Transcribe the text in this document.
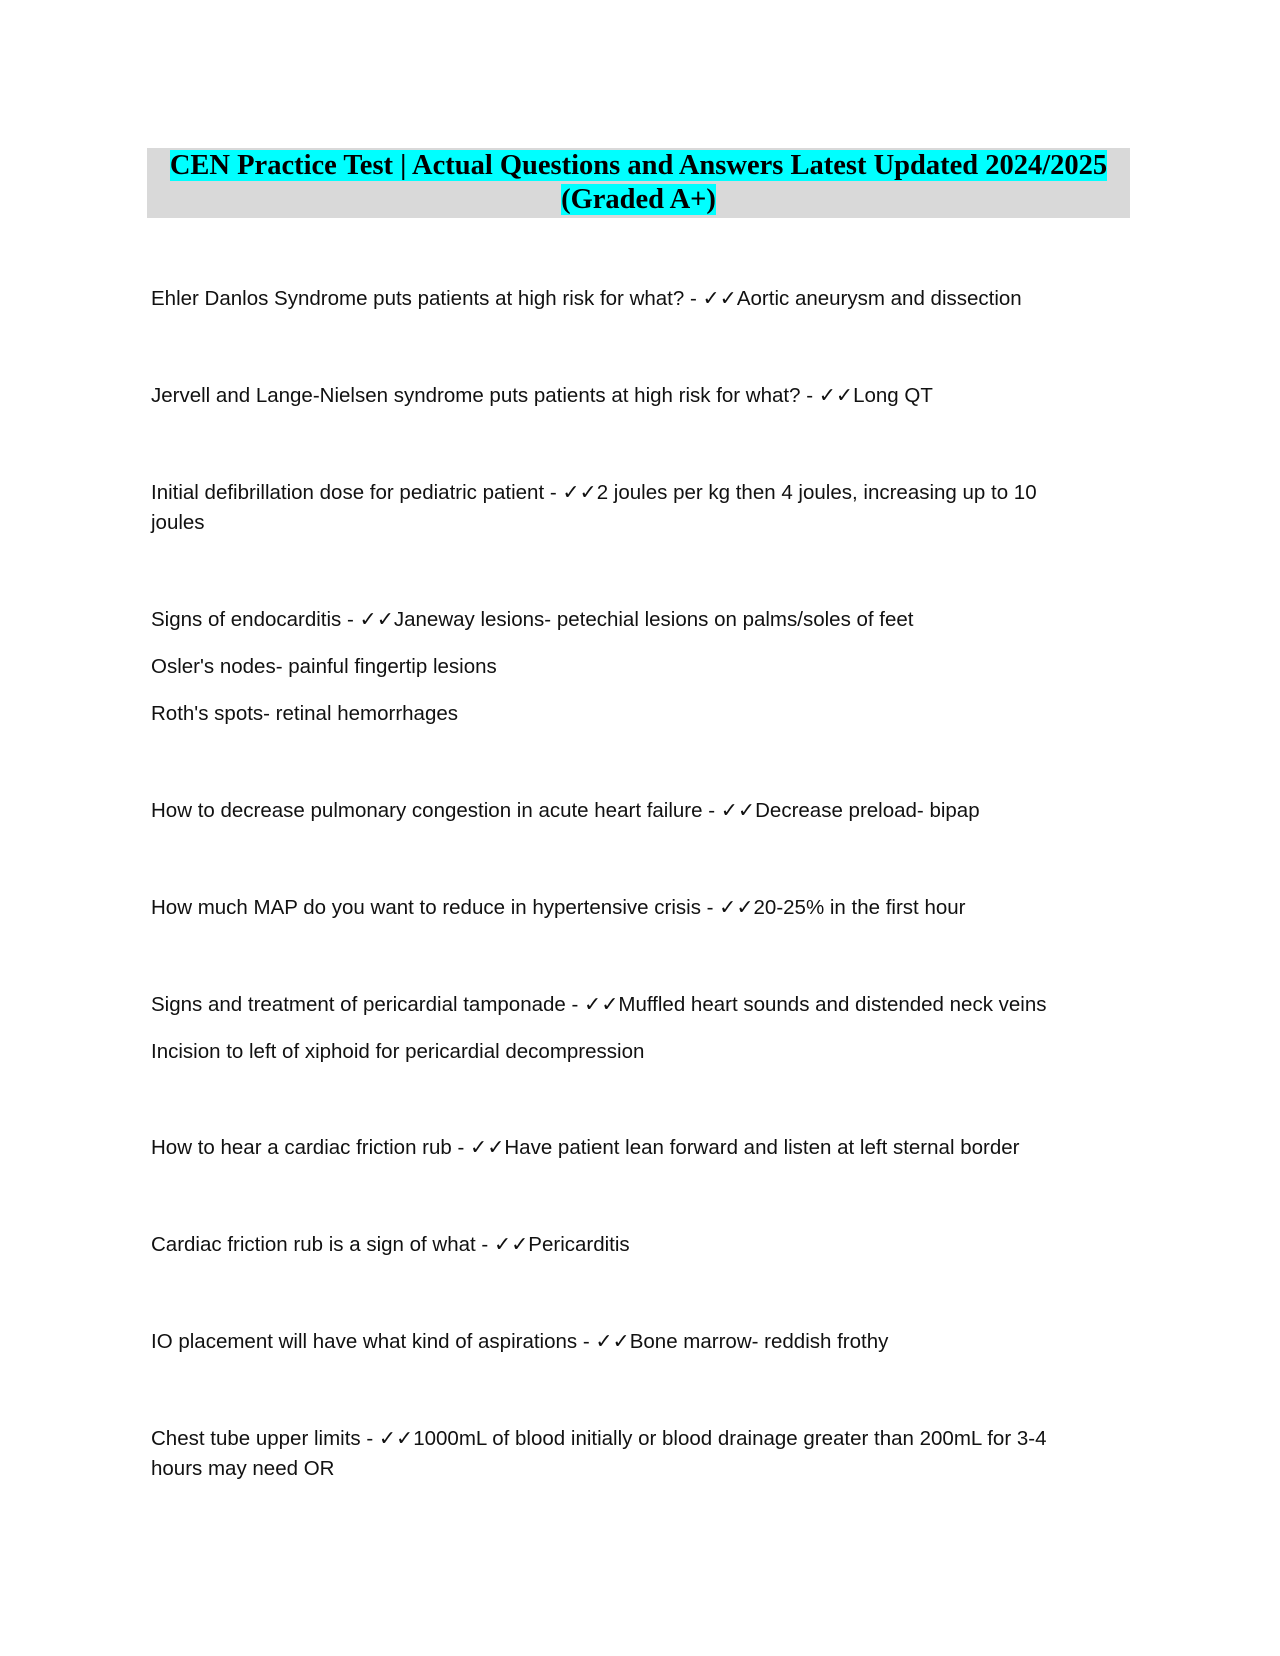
CEN Practice Test | Actual Questions and Answers Latest Updated 2024/2025
(Graded A+)

Ehler Danlos Syndrome puts patients at high risk for what? - ✓✓Aortic aneurysm and dissection

Jervell and Lange-Nielsen syndrome puts patients at high risk for what? - ✓✓Long QT

Initial defibrillation dose for pediatric patient - ✓✓2 joules per kg then 4 joules, increasing up to 10 joules

Signs of endocarditis - ✓✓Janeway lesions- petechial lesions on palms/soles of feet

Osler's nodes- painful fingertip lesions

Roth's spots- retinal hemorrhages

How to decrease pulmonary congestion in acute heart failure - ✓✓Decrease preload- bipap

How much MAP do you want to reduce in hypertensive crisis - ✓✓20-25% in the first hour

Signs and treatment of pericardial tamponade - ✓✓Muffled heart sounds and distended neck veins

Incision to left of xiphoid for pericardial decompression

How to hear a cardiac friction rub - ✓✓Have patient lean forward and listen at left sternal border

Cardiac friction rub is a sign of what - ✓✓Pericarditis

IO placement will have what kind of aspirations - ✓✓Bone marrow- reddish frothy

Chest tube upper limits - ✓✓1000mL of blood initially or blood drainage greater than 200mL for 3-4 hours may need OR
